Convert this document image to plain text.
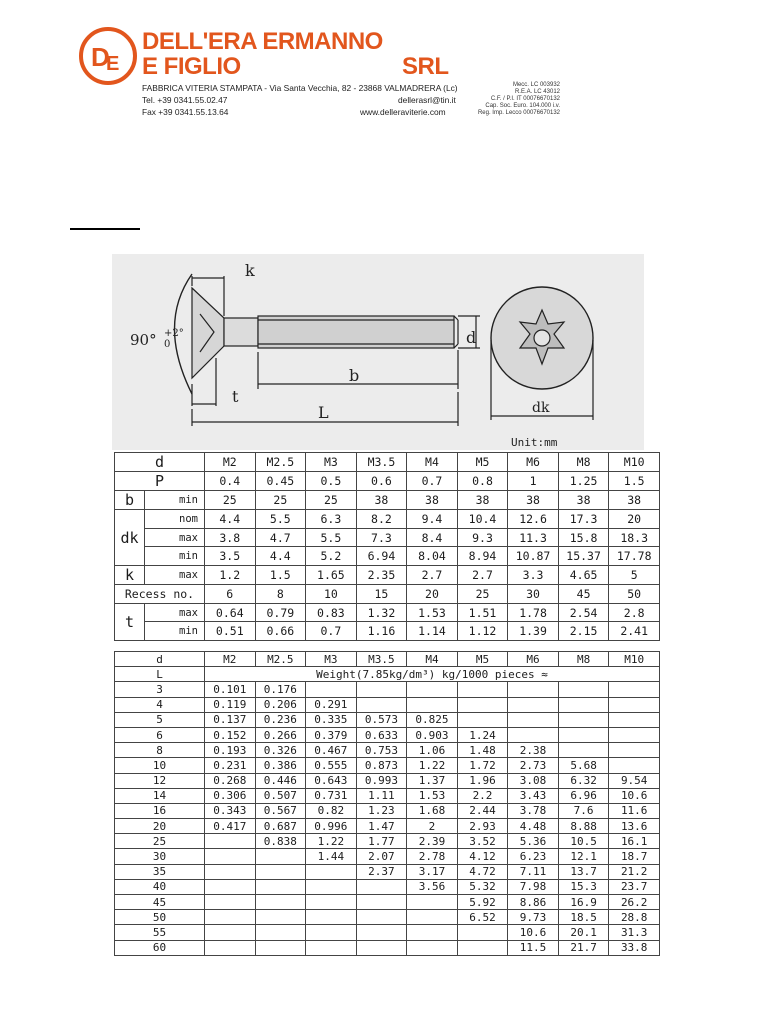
D
E
DELL'ERA ERMANNO
E FIGLIO	SRL
FABBRICA VITERIA STAMPATA - Via Santa Vecchia, 82 - 23868 VALMADRERA (Lc)
Tel. +39 0341.55.02.47
Fax +39 0341.55.13.64
dellerasrl@tin.it
www.delleraviterie.com
Mecc. LC 003932
R.E.A. LC 43012
C.F. / P.I. IT 00076670132
Cap. Soc. Euro. 104.000 i.v.
Reg. Imp. Lecco 00076670132
90° +2°
0
k
t
b
L
d
dk
Unit:mm
d		M2	M2.5	M3	M3.5	M4	M5	M6	M8	M10
P		0.4	0.45	0.5	0.6	0.7	0.8	1	1.25	1.5
b	min	25	25	25	38	38	38	38	38	38
dk	nom	4.4	5.5	6.3	8.2	9.4	10.4	12.6	17.3	20
	max	3.8	4.7	5.5	7.3	8.4	9.3	11.3	15.8	18.3
	min	3.5	4.4	5.2	6.94	8.04	8.94	10.87	15.37	17.78
k	max	1.2	1.5	1.65	2.35	2.7	2.7	3.3	4.65	5
Recess no.		6	8	10	15	20	25	30	45	50
t	max	0.64	0.79	0.83	1.32	1.53	1.51	1.78	2.54	2.8
	min	0.51	0.66	0.7	1.16	1.14	1.12	1.39	2.15	2.41
d	M2	M2.5	M3	M3.5	M4	M5	M6	M8	M10
L	Weight(7.85kg/dm³) kg/1000 pieces ≈								
3	0.101	0.176							
4	0.119	0.206	0.291						
5	0.137	0.236	0.335	0.573	0.825				
6	0.152	0.266	0.379	0.633	0.903	1.24			
8	0.193	0.326	0.467	0.753	1.06	1.48	2.38		
10	0.231	0.386	0.555	0.873	1.22	1.72	2.73	5.68	
12	0.268	0.446	0.643	0.993	1.37	1.96	3.08	6.32	9.54
14	0.306	0.507	0.731	1.11	1.53	2.2	3.43	6.96	10.6
16	0.343	0.567	0.82	1.23	1.68	2.44	3.78	7.6	11.6
20	0.417	0.687	0.996	1.47	2	2.93	4.48	8.88	13.6
25		0.838	1.22	1.77	2.39	3.52	5.36	10.5	16.1
30			1.44	2.07	2.78	4.12	6.23	12.1	18.7
35				2.37	3.17	4.72	7.11	13.7	21.2
40					3.56	5.32	7.98	15.3	23.7
45						5.92	8.86	16.9	26.2
50						6.52	9.73	18.5	28.8
55							10.6	20.1	31.3
60							11.5	21.7	33.8
